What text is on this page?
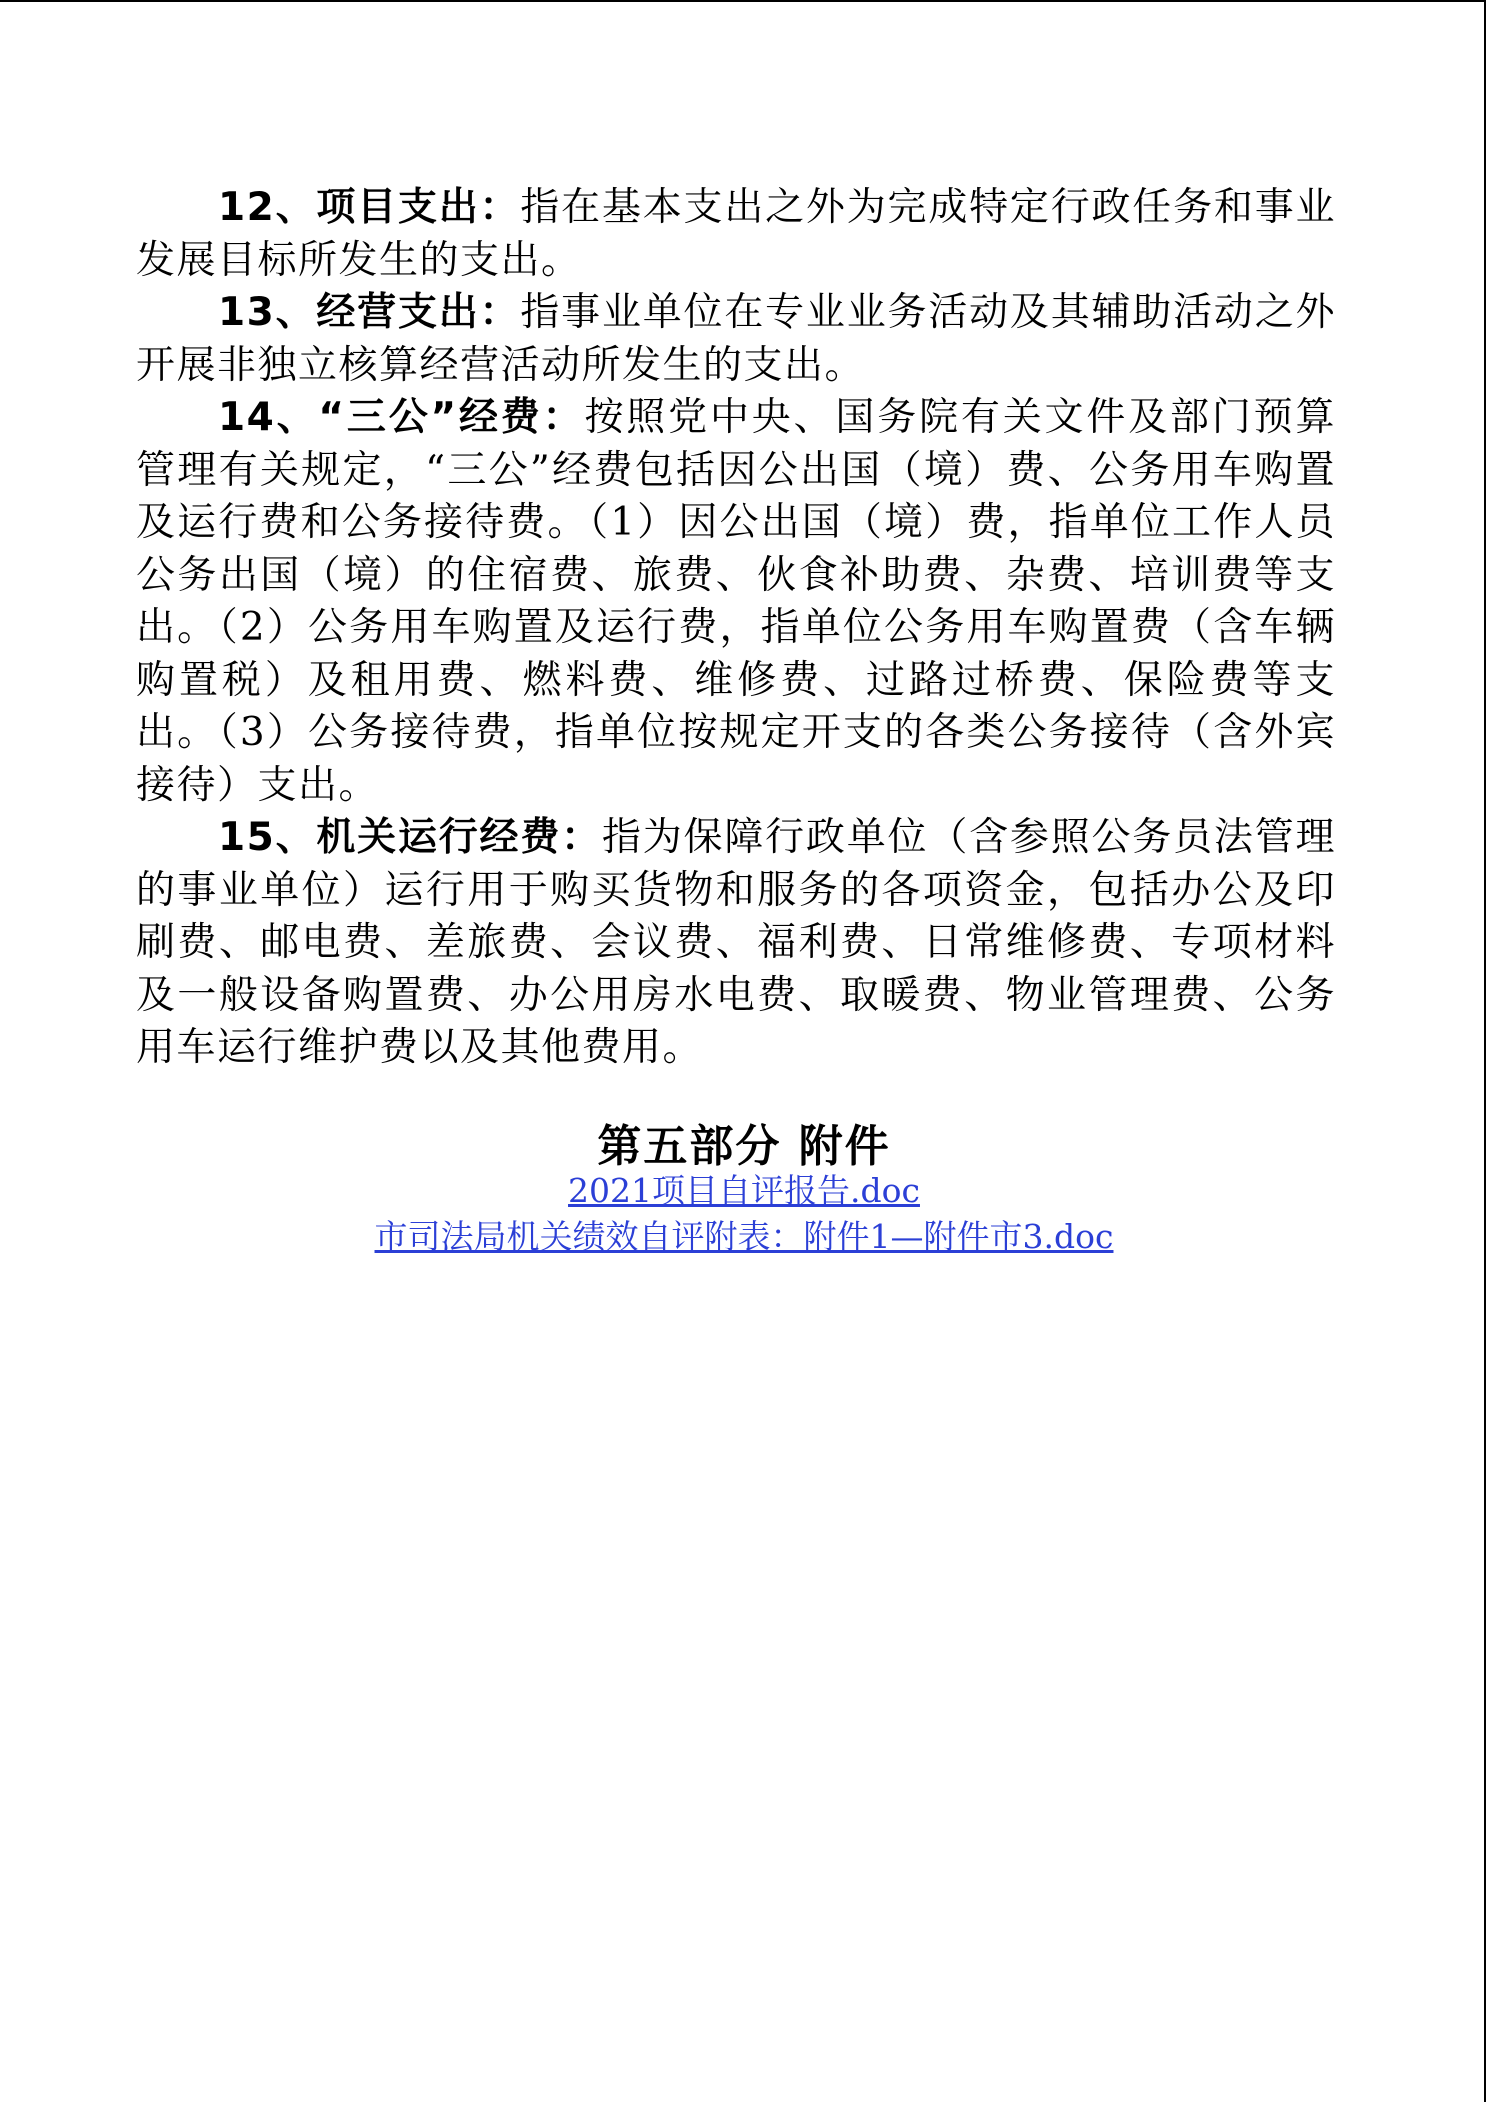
12、项目支出：指在基本支出之外为完成特定行政任务和事业发展目标所发生的支出。

13、经营支出：指事业单位在专业业务活动及其辅助活动之外开展非独立核算经营活动所发生的支出。

14、“三公”经费：按照党中央、国务院有关文件及部门预算管理有关规定，“三公”经费包括因公出国（境）费、公务用车购置及运行费和公务接待费。（1）因公出国（境）费，指单位工作人员公务出国（境）的住宿费、旅费、伙食补助费、杂费、培训费等支出。（2）公务用车购置及运行费，指单位公务用车购置费（含车辆购置税）及租用费、燃料费、维修费、过路过桥费、保险费等支出。（3）公务接待费，指单位按规定开支的各类公务接待（含外宾接待）支出。

15、机关运行经费：指为保障行政单位（含参照公务员法管理的事业单位）运行用于购买货物和服务的各项资金，包括办公及印刷费、邮电费、差旅费、会议费、福利费、日常维修费、专项材料及一般设备购置费、办公用房水电费、取暖费、物业管理费、公务用车运行维护费以及其他费用。

第五部分 附件
2021项目自评报告.doc
市司法局机关绩效自评附表：附件1—附件市3.doc
